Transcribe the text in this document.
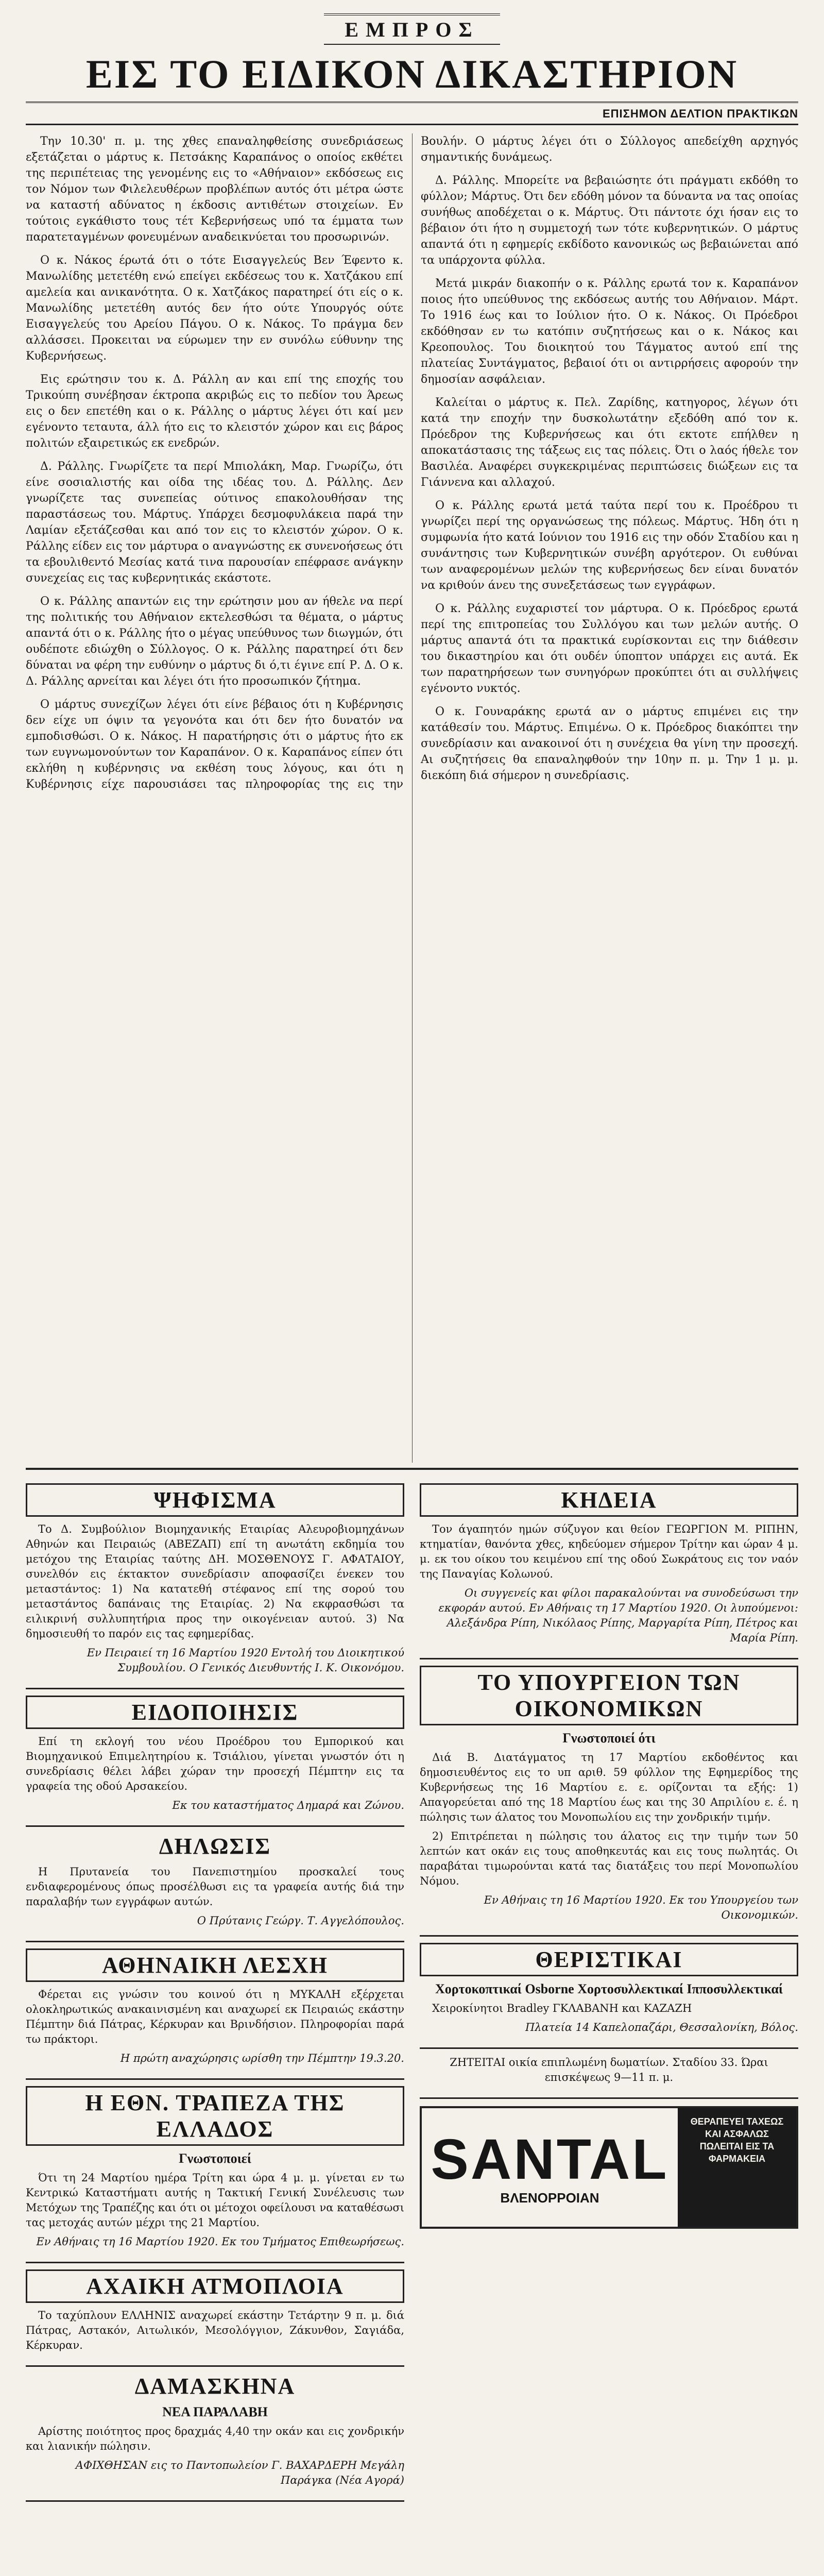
ΕΜΠΡΟΣ
ΕΙΣ ΤΟ ΕΙΔΙΚΟΝ ΔΙΚΑΣΤΗΡΙΟΝ
ΕΠΙΣΗΜΟΝ ΔΕΛΤΙΟΝ ΠΡΑΚΤΙΚΩΝ

Την 10.30' π. μ. της χθες επαναληφθείσης συνεδριάσεως εξετάζεται ο μάρτυς κ. Πετσάκης Καραπάνος ο οποίος εκθέτει της περιπέτειας της γενομένης εις το «Αθήναιον» εκδόσεως εις τον Νόμον των Φιλελευθέρων προβλέπων αυτός ότι μέτρα ώστε να καταστή αδύνατος η έκδοσις αντιθέτων στοιχείων. Εν τούτοις εγκάθιστο τους τέτ Κεβερνήσεως υπό τα έμματα των παρατεταγμένων φονευμένων αναδεικνύεται του προσωρινών.

Ο κ. Νάκος έρωτά ότι ο τότε Εισαγγελεύς Βεν Έφεντο κ. Μανωλίδης μετετέθη ενώ επείγει εκδέσεως του κ. Χατζάκου επί αμελεία και ανικανότητα. Ο κ. Χατζάκος παρατηρεί ότι είς ο κ. Μανωλίδης μετετέθη αυτός δεν ήτο ούτε Υπουργός ούτε Εισαγγελεύς του Αρείου Πάγου. Ο κ. Νάκος. Το πράγμα δεν αλλάσσει. Προκειται να εύρωμεν την εν συνόλω εύθυνην της Κυβερνήσεως.

Εις ερώτησιν του κ. Δ. Ράλλη αν και επί της εποχής του Τρικούπη συνέβησαν έκτροπα ακριβώς εις το πεδίον του Άρεως εις ο δεν επετέθη και ο κ. Ράλλης ο μάρτυς λέγει ότι καί μεν εγένοντο τεταυτα, άλλ ήτο εις το κλειστόν χώρον και εις βάρος πολιτών εξαιρετικώς εκ ενεδρών.

Δ. Ράλλης. Γνωρίζετε τα περί Μπιολάκη, Μαρ. Γνωρίζω, ότι είνε σοσιαλιστής και οίδα της ιδέας του. Δ. Ράλλης. Δεν γνωρίζετε τας συνεπείας ούτινος επακολουθήσαν της παραστάσεως του. Μάρτυς. Υπάρχει δεσμοφυλάκεια παρά την Λαμίαν εξετάζεσθαι και από τον εις το κλειστόν χώρον. Ο κ. Ράλλης είδεν εις τον μάρτυρα ο αναγνώστης εκ συνενοήσεως ότι τα εβουλιθεντό Μεσίας κατά τινα παρουσίαν επέφρασε ανάγκην συνεχείας εις τας κυβερνητικάς εκάστοτε.

Ο κ. Ράλλης απαντών εις την ερώτησιν μου αν ήθελε να περί της πολιτικής του Αθήναιον εκτελεσθώσι τα θέματα, ο μάρτυς απαντά ότι ο κ. Ράλλης ήτο ο μέγας υπεύθυνος των διωγμών, ότι ουδέποτε εδιώχθη ο Σύλλογος. Ο κ. Ράλλης παρατηρεί ότι δεν δύναται να φέρη την ευθύνην ο μάρτυς δι ό,τι έγινε επί Ρ. Δ. Ο κ. Δ. Ράλλης αρνείται και λέγει ότι ήτο προσωπικόν ζήτημα.

Ο μάρτυς συνεχίζων λέγει ότι είνε βέβαιος ότι η Κυβέρνησις δεν είχε υπ όψιν τα γεγονότα και ότι δεν ήτο δυνατόν να εμποδισθώσι. Ο κ. Νάκος. Η παρατήρησις ότι ο μάρτυς ήτο εκ των ευγνωμονούντων τον Καραπάνον. Ο κ. Καραπάνος είπεν ότι εκλήθη η κυβέρνησις να εκθέση τους λόγους, και ότι η Κυβέρνησις είχε παρουσιάσει τας πληροφορίας της εις την Βουλήν. Ο μάρτυς λέγει ότι ο Σύλλογος απεδείχθη αρχηγός σημαντικής δυνάμεως.

Δ. Ράλλης. Μπορείτε να βεβαιώσητε ότι πράγματι εκδόθη το φύλλον; Μάρτυς. Ότι δεν εδόθη μόνον τα δύναντα να τας οποίας συνήθως αποδέχεται ο κ. Μάρτυς. Ότι πάντοτε όχι ήσαν εις το βέβαιον ότι ήτο η συμμετοχή των τότε κυβερνητικών. Ο μάρτυς απαντά ότι η εφημερίς εκδίδοτο κανονικώς ως βεβαιώνεται από τα υπάρχοντα φύλλα.

Μετά μικράν διακοπήν ο κ. Ράλλης ερωτά τον κ. Καραπάνον ποιος ήτο υπεύθυνος της εκδόσεως αυτής του Αθήναιον. Μάρτ. Το 1916 έως και το Ιούλιον ήτο. Ο κ. Νάκος. Οι Πρόεδροι εκδόθησαν εν τω κατόπιν συζητήσεως και ο κ. Νάκος και Κρεοπουλος. Του διοικητού του Τάγματος αυτού επί της πλατείας Συντάγματος, βεβαιοί ότι οι αντιρρήσεις αφορούν την δημοσίαν ασφάλειαν.

Καλείται ο μάρτυς κ. Πελ. Ζαρίδης, κατηγορος, λέγων ότι κατά την εποχήν την δυσκολωτάτην εξεδόθη από τον κ. Πρόεδρον της Κυβερνήσεως και ότι εκτοτε επήλθεν η αποκατάστασις της τάξεως εις τας πόλεις. Ότι ο λαός ήθελε τον Βασιλέα. Αναφέρει συγκεκριμένας περιπτώσεις διώξεων εις τα Γιάννενα και αλλαχού.

Ο κ. Ράλλης ερωτά μετά ταύτα περί του κ. Προέδρου τι γνωρίζει περί της οργανώσεως της πόλεως. Μάρτυς. Ήδη ότι η συμφωνία ήτο κατά Ιούνιον του 1916 εις την οδόν Σταδίου και η συνάντησις των Κυβερνητικών συνέβη αργότερον. Οι ευθύναι των αναφερομένων μελών της κυβερνήσεως δεν είναι δυνατόν να κριθούν άνευ της συνεξετάσεως των εγγράφων.

Ο κ. Ράλλης ευχαριστεί τον μάρτυρα. Ο κ. Πρόεδρος ερωτά περί της επιτροπείας του Συλλόγου και των μελών αυτής. Ο μάρτυς απαντά ότι τα πρακτικά ευρίσκονται εις την διάθεσιν του δικαστηρίου και ότι ουδέν ύποπτον υπάρχει εις αυτά. Εκ των παρατηρήσεων των συνηγόρων προκύπτει ότι αι συλλήψεις εγένοντο νυκτός.

Ο κ. Γουναράκης ερωτά αν ο μάρτυς επιμένει εις την κατάθεσίν του. Μάρτυς. Επιμένω. Ο κ. Πρόεδρος διακόπτει την συνεδρίασιν και ανακοινοί ότι η συνέχεια θα γίνη την προσεχή. Αι συζητήσεις θα επαναληφθούν την 10ην π. μ. Την 1 μ. μ. διεκόπη διά σήμερον η συνεδρίασις.

ΨΗΦΙΣΜΑ

Το Δ. Συμβούλιον Βιομηχανικής Εταιρίας Αλευροβιομηχάνων Αθηνών και Πειραιώς (ΑΒΕΖΑΠ) επί τη ανωτάτη εκδημία του μετόχου της Εταιρίας ταύτης ΔΗ. ΜΟΣΘΕΝΟΥΣ Γ. ΑΦΑΤΑΙΟΥ, συνελθόν εις έκτακτον συνεδρίασιν αποφασίζει ένεκεν του μεταστάντος: 1) Να κατατεθή στέφανος επί της σορού του μεταστάντος δαπάναις της Εταιρίας. 2) Να εκφρασθώσι τα ειλικρινή συλλυπητήρια προς την οικογένειαν αυτού. 3) Να δημοσιευθή το παρόν εις τας εφημερίδας.

Εν Πειραιεί τη 16 Μαρτίου 1920 Εντολή του Διοικητικού Συμβουλίου. Ο Γενικός Διευθυντής Ι. Κ. Οικονόμου.

ΕΙΔΟΠΟΙΗΣΙΣ

Επί τη εκλογή του νέου Προέδρου του Εμπορικού και Βιομηχανικού Επιμελητηρίου κ. Τσιάλιου, γίνεται γνωστόν ότι η συνεδρίασις θέλει λάβει χώραν την προσεχή Πέμπτην εις τα γραφεία της οδού Αρσακείου.

Εκ του καταστήματος Δημαρά και Ζώνου.

ΔΗΛΩΣΙΣ

Η Πρυτανεία του Πανεπιστημίου προσκαλεί τους ενδιαφερομένους όπως προσέλθωσι εις τα γραφεία αυτής διά την παραλαβήν των εγγράφων αυτών.

Ο Πρύτανις Γεώργ. Τ. Αγγελόπουλος.

ΑΘΗΝΑΙΚΗ ΛΕΣΧΗ

Φέρεται εις γνώσιν του κοινού ότι η ΜΥΚΑΛΗ εξέρχεται ολοκληρωτικώς ανακαινισμένη και αναχωρεί εκ Πειραιώς εκάστην Πέμπτην διά Πάτρας, Κέρκυραν και Βρινδήσιον. Πληροφορίαι παρά τω πράκτορι.

Η πρώτη αναχώρησις ωρίσθη την Πέμπτην 19.3.20.

Η ΕΘΝ. ΤΡΑΠΕΖΑ ΤΗΣ ΕΛΛΑΔΟΣ
Γνωστοποιεί

Ότι τη 24 Μαρτίου ημέρα Τρίτη και ώρα 4 μ. μ. γίνεται εν τω Κεντρικώ Καταστήματι αυτής η Τακτική Γενική Συνέλευσις των Μετόχων της Τραπέζης και ότι οι μέτοχοι οφείλουσι να καταθέσωσι τας μετοχάς αυτών μέχρι της 21 Μαρτίου.

Εν Αθήναις τη 16 Μαρτίου 1920. Εκ του Τμήματος Επιθεωρήσεως.

ΑΧΑΙΚΗ ΑΤΜΟΠΛΟΙΑ

Το ταχύπλουν ΕΛΛΗΝΙΣ αναχωρεί εκάστην Τετάρτην 9 π. μ. διά Πάτρας, Αστακόν, Αιτωλικόν, Μεσολόγγιον, Ζάκυνθον, Σαγιάδα, Κέρκυραν.

ΔΑΜΑΣΚΗΝΑ
ΝΕΑ ΠΑΡΑΛΑΒΗ

Αρίστης ποιότητος προς δραχμάς 4,40 την οκάν και εις χονδρικήν και λιανικήν πώλησιν.

ΑΦΙΧΘΗΣΑΝ εις το Παντοπωλείον Γ. ΒΑΧΑΡΔΕΡΗ Μεγάλη Παράγκα (Νέα Αγορά)

ΚΗΔΕΙΑ

Τον άγαπητόν ημών σύζυγον και θείον ΓΕΩΡΓΙΟΝ Μ. ΡΙΠΗΝ, κτηματίαν, θανόντα χθες, κηδεύομεν σήμερον Τρίτην και ώραν 4 μ. μ. εκ του οίκου του κειμένου επί της οδού Σωκράτους εις τον ναόν της Παναγίας Κολωνού.

Οι συγγενείς και φίλοι παρακαλούνται να συνοδεύσωσι την εκφοράν αυτού. Εν Αθήναις τη 17 Μαρτίου 1920. Οι λυπούμενοι: Αλεξάνδρα Ρίπη, Νικόλαος Ρίπης, Μαργαρίτα Ρίπη, Πέτρος και Μαρία Ρίπη.

ΤΟ ΥΠΟΥΡΓΕΙΟΝ ΤΩΝ ΟΙΚΟΝΟΜΙΚΩΝ
Γνωστοποιεί ότι

Διά Β. Διατάγματος τη 17 Μαρτίου εκδοθέντος και δημοσιευθέντος εις το υπ αριθ. 59 φύλλον της Εφημερίδος της Κυβερνήσεως της 16 Μαρτίου ε. ε. ορίζονται τα εξής: 1) Απαγορεύεται από της 18 Μαρτίου έως και της 30 Απριλίου ε. έ. η πώλησις των άλατος του Μονοπωλίου εις την χονδρικήν τιμήν.

2) Επιτρέπεται η πώλησις του άλατος εις την τιμήν των 50 λεπτών κατ οκάν εις τους αποθηκευτάς και εις τους πωλητάς. Οι παραβάται τιμωρούνται κατά τας διατάξεις του περί Μονοπωλίου Νόμου.

Εν Αθήναις τη 16 Μαρτίου 1920. Εκ του Υπουργείου των Οικονομικών.

ΘΕΡΙΣΤΙΚΑΙ
Χορτοκοπτικαί Osborne Χορτοσυλλεκτικαί Ιπποσυλλεκτικαί

Χειροκίνητοι Bradley ΓΚΛΑΒΑΝΗ και ΚΑΖΑΖΗ

Πλατεία 14 Καπελοπαζάρι, Θεσσαλονίκη, Βόλος.

ΖΗΤΕΙΤΑΙ οικία επιπλωμένη δωματίων. Σταδίου 33. Ώραι επισκέψεως 9—11 π. μ.

SANTAL
ΒΛΕΝΟΡΡΟΙΑΝ
ΘΕΡΑΠΕΥΕΙ ΤΑΧΕΩΣ ΚΑΙ ΑΣΦΑΛΩΣ ΠΩΛΕΙΤΑΙ ΕΙΣ ΤΑ ΦΑΡΜΑΚΕΙΑ
